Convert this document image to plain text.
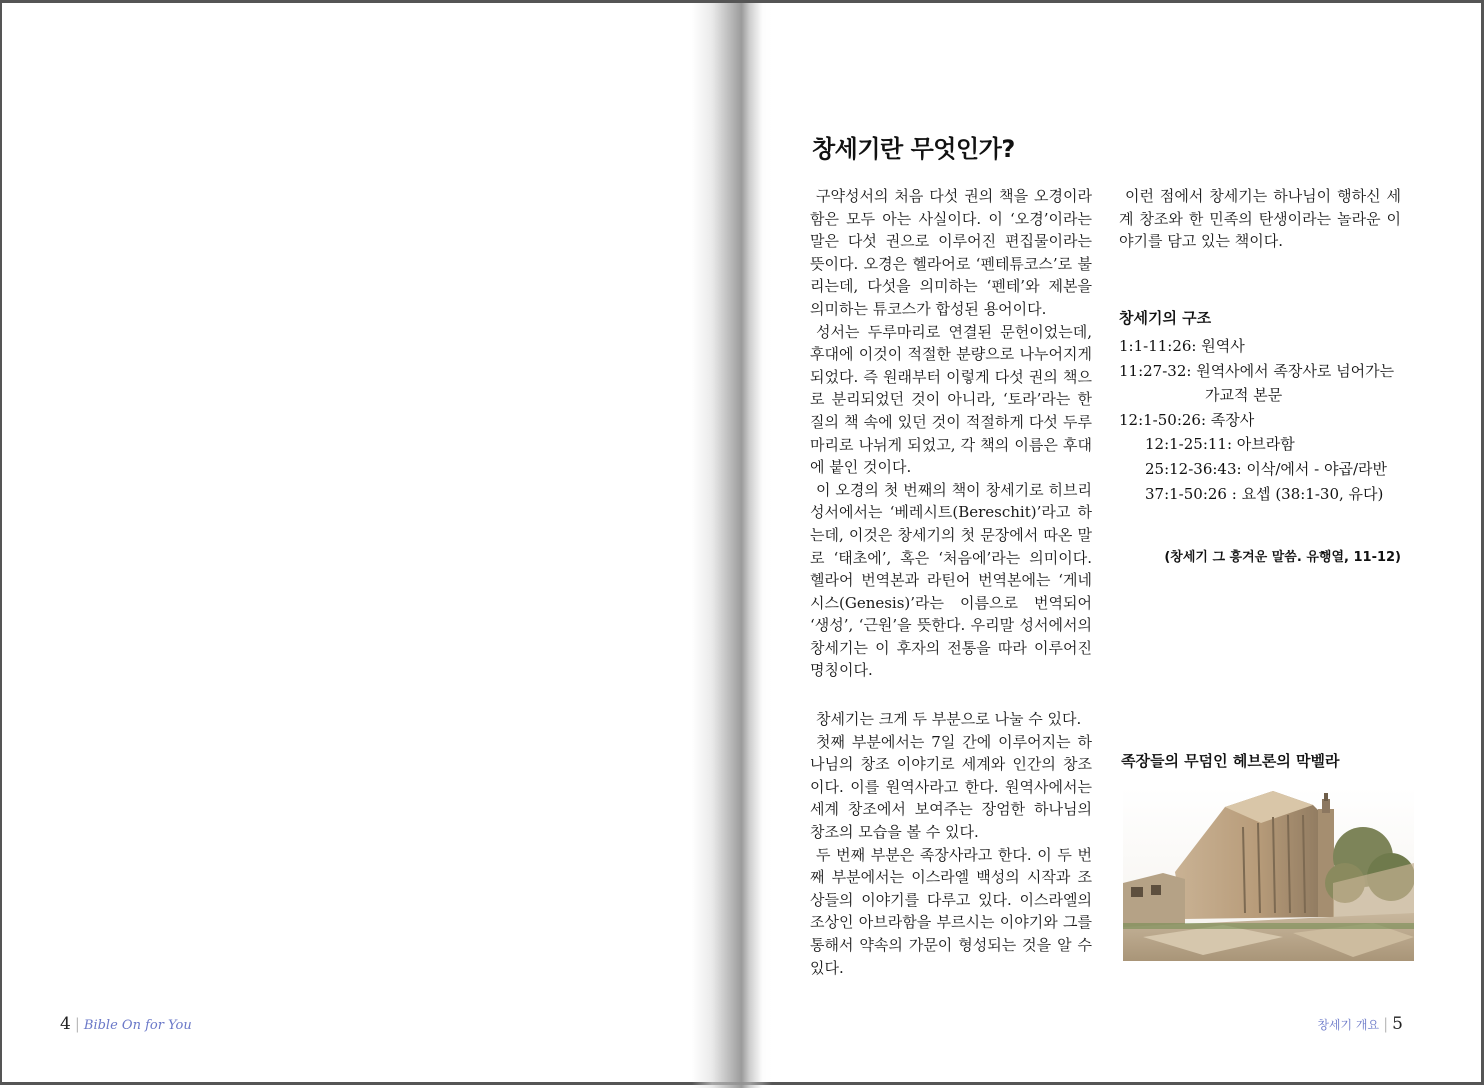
창세기란 무엇인가?

구약성서의 처음 다섯 권의 책을 오경이라 함은 모두 아는 사실이다. 이 ‘오경’이라는 말은 다섯 권으로 이루어진 편집물이라는 뜻이다. 오경은 헬라어로 ‘펜테튜코스’로 불리는데, 다섯을 의미하는 ‘펜테’와 제본을 의미하는 튜코스가 합성된 용어이다.

성서는 두루마리로 연결된 문헌이었는데, 후대에 이것이 적절한 분량으로 나누어지게 되었다. 즉 원래부터 이렇게 다섯 권의 책으로 분리되었던 것이 아니라, ‘토라’라는 한 질의 책 속에 있던 것이 적절하게 다섯 두루마리로 나뉘게 되었고, 각 책의 이름은 후대에 붙인 것이다.

이 오경의 첫 번째의 책이 창세기로 히브리 성서에서는 ‘베레시트(Bereschit)’라고 하는데, 이것은 창세기의 첫 문장에서 따온 말로 ‘태초에’, 혹은 ‘처음에’라는 의미이다. 헬라어 번역본과 라틴어 번역본에는 ‘게네시스(Genesis)’라는 이름으로 번역되어 ‘생성’, ‘근원’을 뜻한다. 우리말 성서에서의 창세기는 이 후자의 전통을 따라 이루어진 명칭이다.

창세기는 크게 두 부분으로 나눌 수 있다.

첫째 부분에서는 7일 간에 이루어지는 하나님의 창조 이야기로 세계와 인간의 창조이다. 이를 원역사라고 한다. 원역사에서는 세계 창조에서 보여주는 장엄한 하나님의 창조의 모습을 볼 수 있다.

두 번째 부분은 족장사라고 한다. 이 두 번째 부분에서는 이스라엘 백성의 시작과 조상들의 이야기를 다루고 있다. 이스라엘의 조상인 아브라함을 부르시는 이야기와 그를 통해서 약속의 가문이 형성되는 것을 알 수 있다.

이런 점에서 창세기는 하나님이 행하신 세계 창조와 한 민족의 탄생이라는 놀라운 이야기를 담고 있는 책이다.

창세기의 구조
1:1-11:26: 원역사
11:27-32: 원역사에서 족장사로 넘어가는
가교적 본문
12:1-50:26: 족장사
12:1-25:11: 아브라함
25:12-36:43: 이삭/에서 - 야곱/라반
37:1-50:26 : 요셉 (38:1-30, 유다)
(창세기 그 흥겨운 말씀. 유행열, 11-12)
족장들의 무덤인 헤브론의 막벨라
4 | Bible On for You	창세기 개요 | 5
